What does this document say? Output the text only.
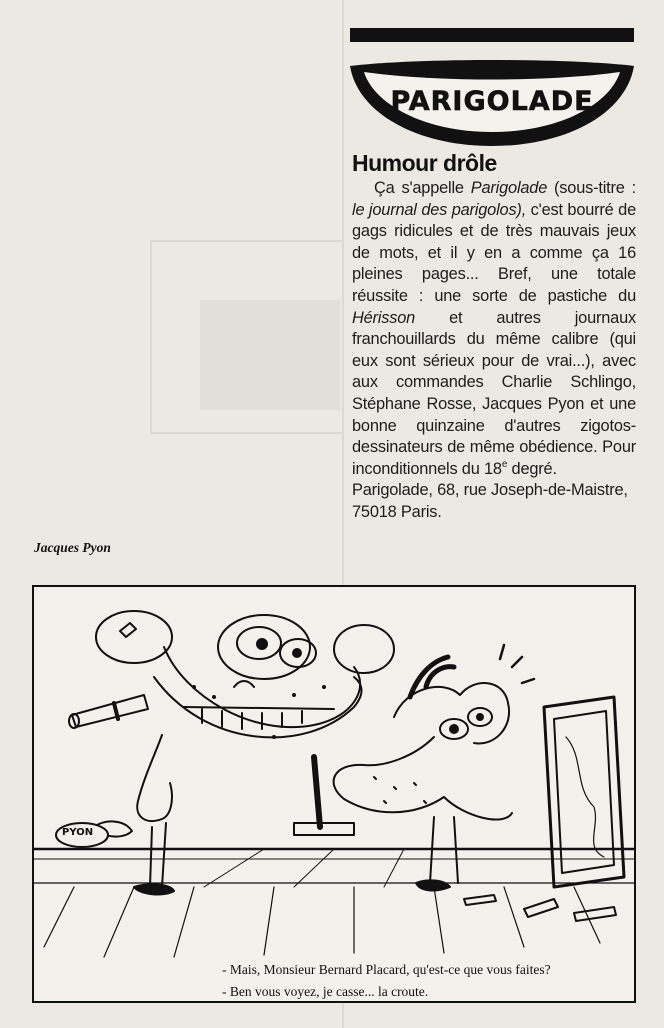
PARIGOLADE
Humour drôle

Ça s'appelle Parigolade (sous-titre : le journal des parigolos), c'est bourré de gags ridicules et de très mauvais jeux de mots, et il y en a comme ça 16 pleines pages... Bref, une totale réussite : une sorte de pastiche du Hérisson et autres journaux franchouillards du même calibre (qui eux sont sérieux pour de vrai...), avec aux commandes Charlie Schlingo, Stéphane Rosse, Jacques Pyon et une bonne quinzaine d'autres zigotos-dessinateurs de même obédience. Pour inconditionnels du 18e degré.

Parigolade, 68, rue Joseph-de-Maistre, 75018 Paris.

Jacques Pyon
PYON
- Mais, Monsieur Bernard Placard, qu'est-ce que vous faites?
- Ben vous voyez, je casse... la croute.
